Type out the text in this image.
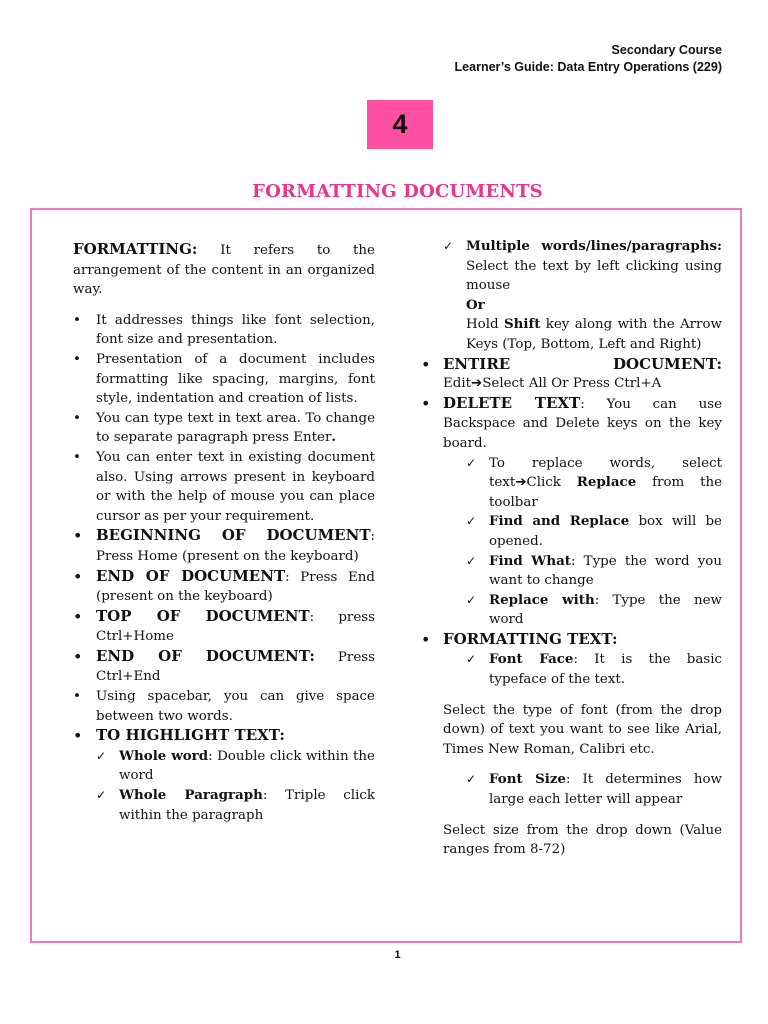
Secondary Course
Learner’s Guide: Data Entry Operations (229)
4
FORMATTING DOCUMENTS

FORMATTING: It refers to the arrangement of the content in an organized way.

• It addresses things like font selection, font size and presentation.
• Presentation of a document includes formatting like spacing, margins, font style, indentation and creation of lists.
• You can type text in text area. To change to separate paragraph press Enter.
• You can enter text in existing document also. Using arrows present in keyboard or with the help of mouse you can place cursor as per your requirement.
• BEGINNING OF DOCUMENT: Press Home (present on the keyboard)
• END OF DOCUMENT: Press End (present on the keyboard)
• TOP OF DOCUMENT: press Ctrl+Home
• END OF DOCUMENT: Press Ctrl+End
• Using spacebar, you can give space between two words.
• TO HIGHLIGHT TEXT:
✓ Whole word: Double click within the word
✓ Whole Paragraph: Triple click within the paragraph
✓ Multiple words/lines/paragraphs: Select the text by left clicking using mouse
Or
Hold Shift key along with the Arrow Keys (Top, Bottom, Left and Right)
• ENTIRE DOCUMENT:
Edit➔Select All Or Press Ctrl+A
• DELETE TEXT: You can use Backspace and Delete keys on the key board.
✓ To replace words, select text➔Click Replace from the toolbar
✓ Find and Replace box will be opened.
✓ Find What: Type the word you want to change
✓ Replace with: Type the new word
• FORMATTING TEXT:
✓ Font Face: It is the basic typeface of the text.

Select the type of font (from the drop down) of text you want to see like Arial, Times New Roman, Calibri etc.

✓ Font Size: It determines how large each letter will appear

Select size from the drop down (Value ranges from 8-72)

1
